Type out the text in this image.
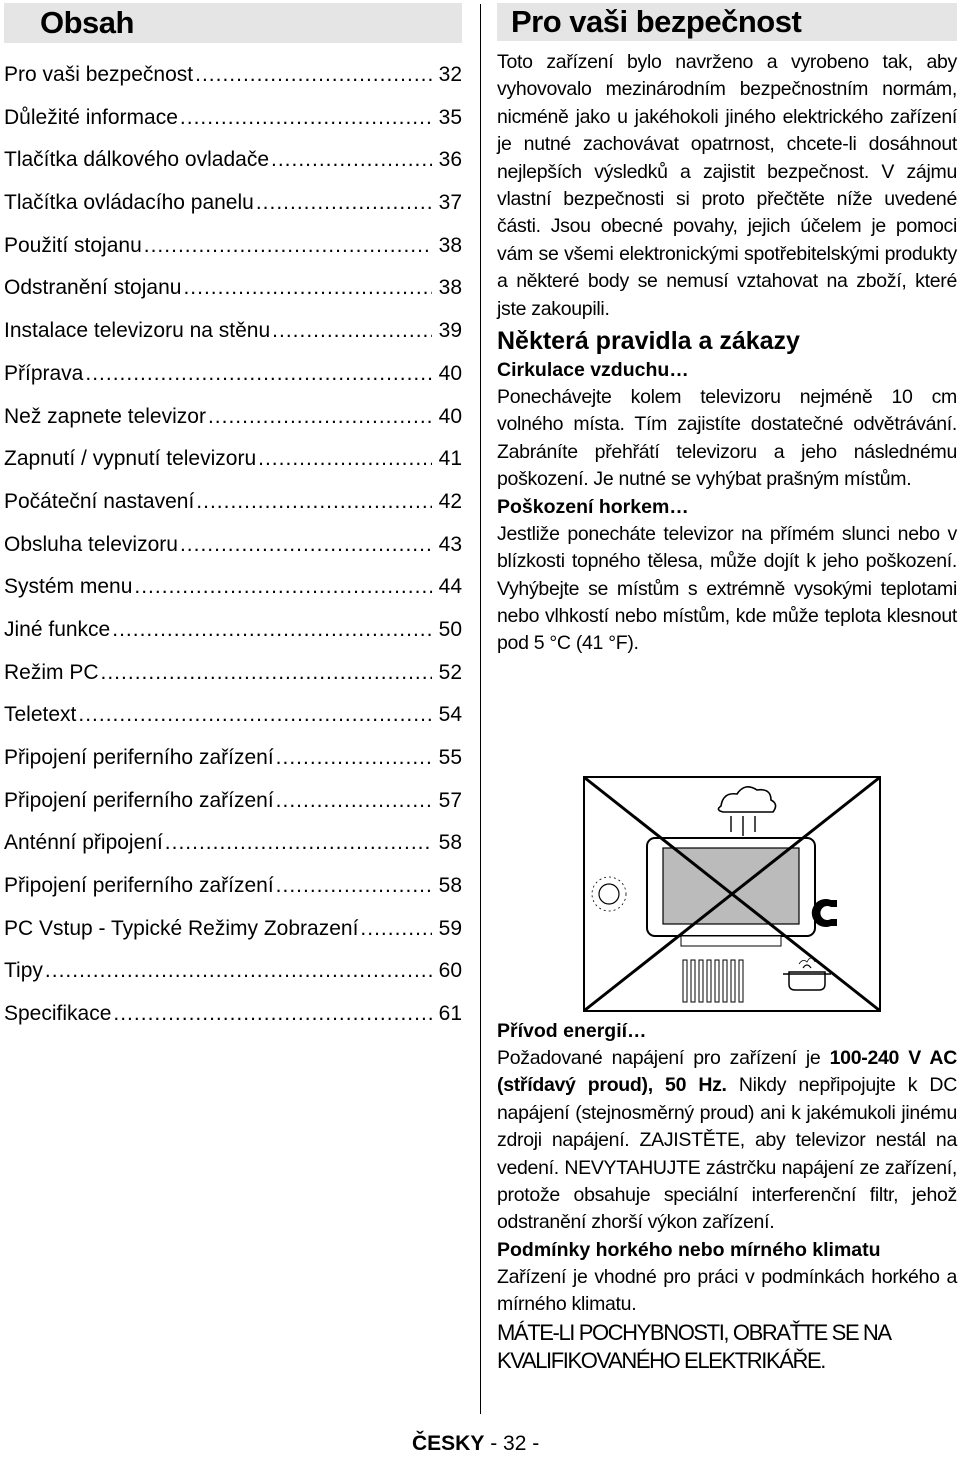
Obsah
Pro vaši bezpečnost .....	32
Důležité informace .....	35
Tlačítka dálkového ovladače .....	36
Tlačítka ovládacího panelu .....	37
Použití stojanu .....	38
Odstranění stojanu .....	38
Instalace televizoru na stěnu .....	39
Příprava .....	40
Než zapnete televizor .....	40
Zapnutí / vypnutí televizoru .....	41
Počáteční nastavení .....	42
Obsluha televizoru .....	43
Systém menu .....	44
Jiné funkce .....	50
Režim PC .....	52
Teletext .....	54
Připojení periferního zařízení .....	55
Připojení periferního zařízení .....	57
Anténní připojení .....	58
Připojení periferního zařízení .....	58
PC Vstup - Typické Režimy Zobrazení .....	59
Tipy .....	60
Specifikace .....	61
Pro vaši bezpečnost

Toto zařízení bylo navrženo a vyrobeno tak, aby vyhovovalo mezinárodním bezpečnostním normám, nicméně jako u jakéhokoli jiného elektrického zařízení je nutné zachovávat opatrnost, chcete-li dosáhnout nejlepších výsledků a zajistit bezpečnost. V zájmu vlastní bezpečnosti si proto přečtěte níže uvedené části. Jsou obecné povahy, jejich účelem je pomoci vám se všemi elektronickými spotřebitelskými produkty a některé body se nemusí vztahovat na zboží, které jste zakoupili.

Některá pravidla a zákazy
Cirkulace vzduchu…

Ponechávejte kolem televizoru nejméně 10 cm volného místa. Tím zajistíte dostatečné odvětrávání. Zabráníte přehřátí televizoru a jeho následnému poškození. Je nutné se vyhýbat prašným místům.

Poškození horkem…

Jestliže ponecháte televizor na přímém slunci nebo v blízkosti topného tělesa, může dojít k jeho poškození. Vyhýbejte se místům s extrémně vysokými teplotami nebo vlhkostí nebo místům, kde může teplota klesnout pod 5 °C (41 °F).

Přívod energií…

Požadované napájení pro zařízení je 100-240 V AC (střídavý proud), 50 Hz. Nikdy nepřipojujte k DC napájení (stejnosměrný proud) ani k jakémukoli jinému zdroji napájení. ZAJISTĚTE, aby televizor nestál na vedení. NEVYTAHUJTE zástrčku napájení ze zařízení, protože obsahuje speciální interferenční filtr, jehož odstranění zhorší výkon zařízení.

Podmínky horkého nebo mírného klimatu

Zařízení je vhodné pro práci v podmínkách horkého a mírného klimatu.

MÁTE-LI POCHYBNOSTI, OBRAŤTE SE NA KVALIFIKOVANÉHO ELEKTRIKÁŘE.

ČESKY - 32 -
